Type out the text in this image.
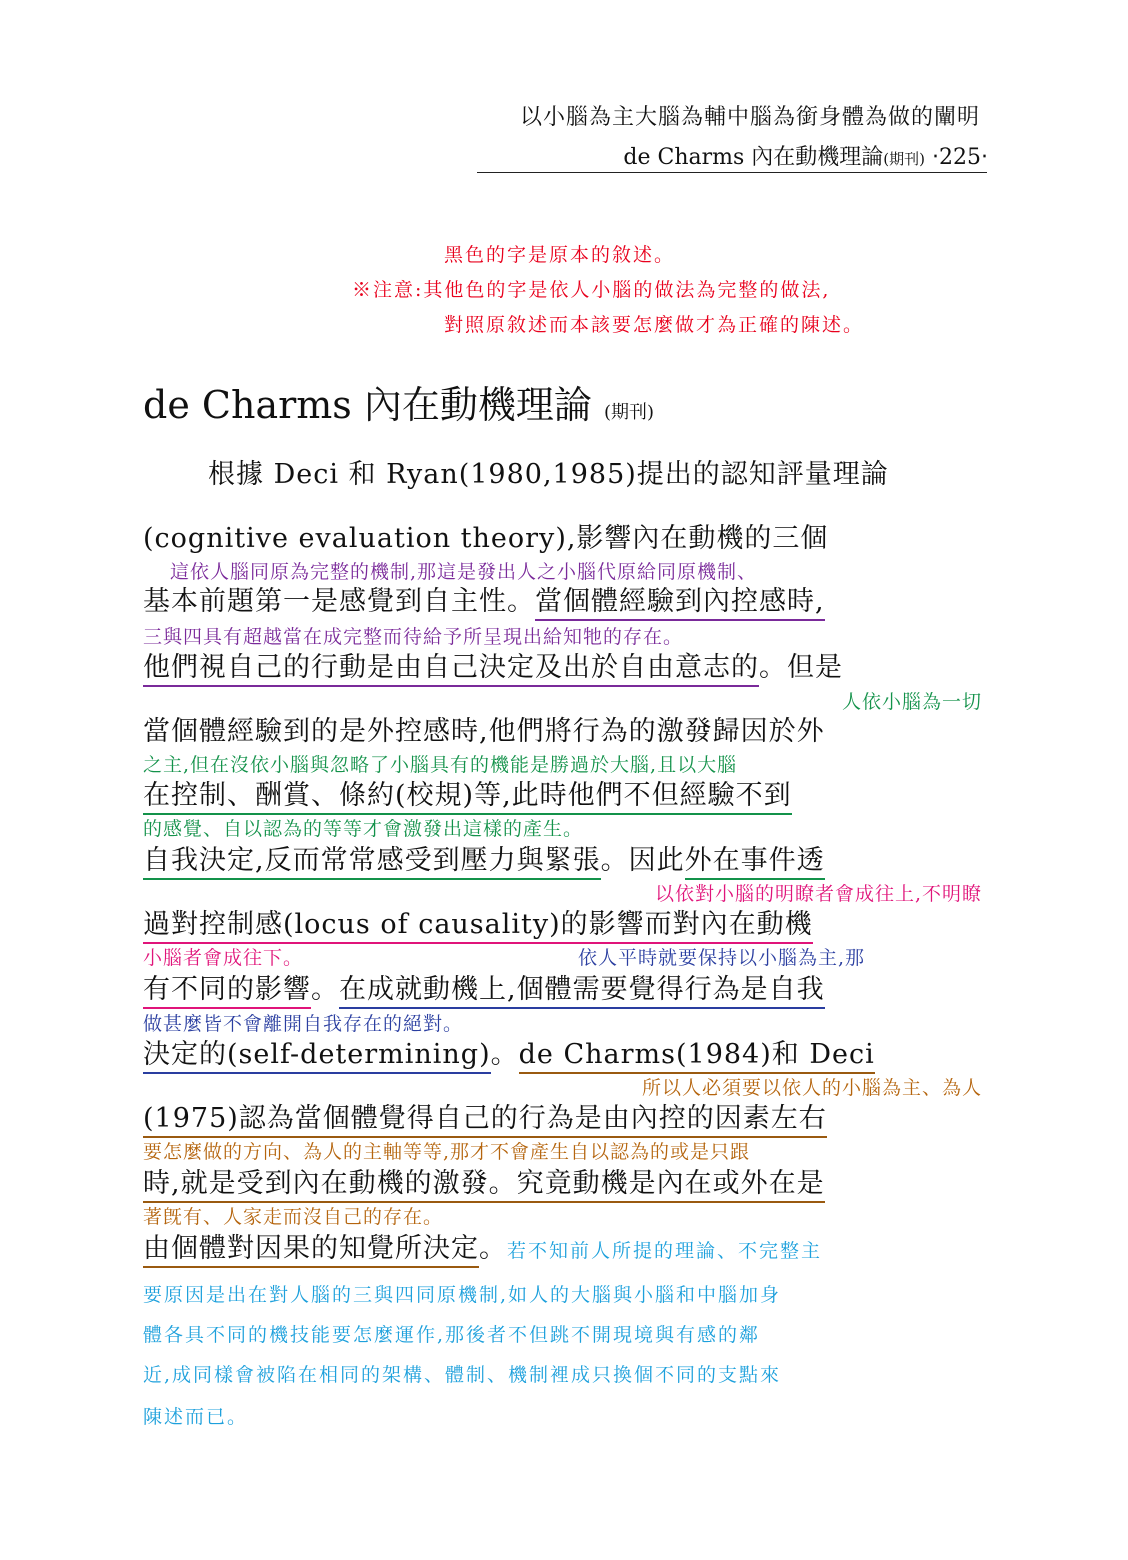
以小腦為主大腦為輔中腦為銜身體為做的闡明
de Charms 內在動機理論(期刊) ‧225‧
黑色的字是原本的敘述。
※注意:其他色的字是依人小腦的做法為完整的做法,
對照原敘述而本該要怎麼做才為正確的陳述。
de Charms 內在動機理論 (期刊)
根據 Deci 和 Ryan(1980,1985)提出的認知評量理論
(cognitive evaluation theory),影響內在動機的三個
這依人腦同原為完整的機制,那這是發出人之小腦代原給同原機制、
基本前題第一是感覺到自主性。當個體經驗到內控感時,
三與四具有超越當在成完整而待給予所呈現出給知牠的存在。
他們視自己的行動是由自己決定及出於自由意志的。但是
人依小腦為一切
當個體經驗到的是外控感時,他們將行為的激發歸因於外
之主,但在沒依小腦與忽略了小腦具有的機能是勝過於大腦,且以大腦
在控制、酬賞、條約(校規)等,此時他們不但經驗不到
的感覺、自以認為的等等才會激發出這樣的產生。
自我決定,反而常常感受到壓力與緊張。因此外在事件透
以依對小腦的明瞭者會成往上,不明瞭
過對控制感(locus of causality)的影響而對內在動機
小腦者會成往下。	依人平時就要保持以小腦為主,那
有不同的影響。在成就動機上,個體需要覺得行為是自我
做甚麼皆不會離開自我存在的絕對。
決定的(self-determining)。de Charms(1984)和 Deci
所以人必須要以依人的小腦為主、為人
(1975)認為當個體覺得自己的行為是由內控的因素左右
要怎麼做的方向、為人的主軸等等,那才不會產生自以認為的或是只跟
時,就是受到內在動機的激發。究竟動機是內在或外在是
著旣有、人家走而沒自己的存在。
由個體對因果的知覺所決定。若不知前人所提的理論、不完整主
要原因是出在對人腦的三與四同原機制,如人的大腦與小腦和中腦加身
體各具不同的機技能要怎麼運作,那後者不但跳不開現境與有感的鄰
近,成同樣會被陷在相同的架構、體制、機制裡成只換個不同的支點來
陳述而已。
